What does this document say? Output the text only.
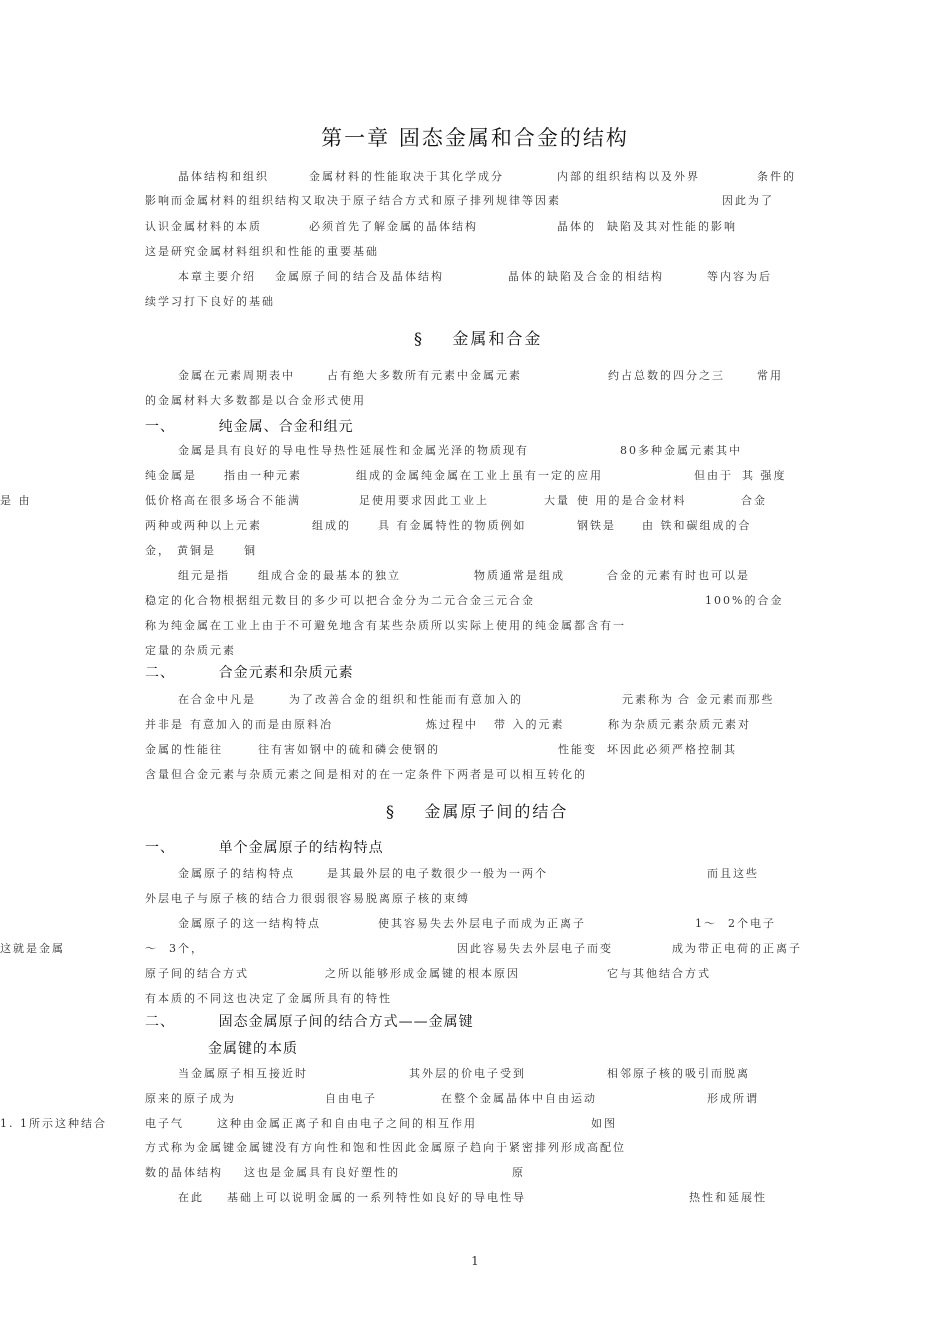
第一章 固态金属和合金的结构
§    金属和合金
§    金属原子间的结合
一、        纯金属、合金和组元
二、        合金元素和杂质元素
一、        单个金属原子的结构特点
二、        固态金属原子间的结合方式——金属键
金属键的本质
晶体结构和组织	金属材料的性能取决于其化学成分	内部的组织结构以及外界	条件的
影响而金属材料的组织结构又取决于原子结合方式和原子排列规律等因素	因此为了
认识金属材料的本质	必须首先了解金属的晶体结构	晶体的 缺陷及其对性能的影响
这是研究金属材料组织和性能的重要基础
本章主要介绍 金属原子间的结合及晶体结构	晶体的缺陷及合金的相结构	等内容为后
续学习打下良好的基础
金属在元素周期表中	占有绝大多数所有元素中金属元素	约占总数的四分之三	常用
的金属材料大多数都是以合金形式使用
金属是具有良好的导电性导热性延展性和金属光泽的物质现有	80多种金属元素其中
纯金属是 指由一种元素	组成的金属纯金属在工业上虽有一定的应用	但由于 其 强度
低价格高在很多场合不能满	足使用要求因此工业上	大量 使 用的是合金材料	合金
是 由
两种或两种以上元素	组成的 具 有金属特性的物质例如	钢铁是 由 铁和碳组成的合
金， 黄铜是	铜
组元是指	组成合金的最基本的独立	物质通常是组成	合金的元素有时也可以是
稳定的化合物根据组元数目的多少可以把合金分为二元合金三元合金	100%的合金
称为纯金属在工业上由于不可避免地含有某些杂质所以实际上使用的纯金属都含有一
定量的杂质元素
在合金中凡是	为了改善合金的组织和性能而有意加入的	元素称为 合 金元素而那些
并非是 有意加入的而是由原料冶	炼过程中 带 入的元素	称为杂质元素杂质元素对
金属的性能往	往有害如钢中的硫和磷会使钢的	性能变 坏因此必须严格控制其
含量但合金元素与杂质元素之间是相对的在一定条件下两者是可以相互转化的
金属原子的结构特点	是其最外层的电子数很少一般为一两个	而且这些
外层电子与原子核的结合力很弱很容易脱离原子核的束缚
金属原子的这一结构特点	使其容易失去外层电子而成为正离子	1～  2个电子
～  3个，	因此容易失去外层电子而变	成为带正电荷的正离子
这就是金属
原子间的结合方式	之所以能够形成金属键的根本原因	它与其他结合方式
有本质的不同这也决定了金属所具有的特性
当金属原子相互接近时	其外层的价电子受到	相邻原子核的吸引而脱离
原来的原子成为	自由电子	在整个金属晶体中自由运动	形成所谓
电子气	这种由金属正离子和自由电子之间的相互作用	如图
1. 1所示这种结合
方式称为金属键金属键没有方向性和饱和性因此金属原子趋向于紧密排列形成高配位
数的晶体结构 这也是金属具有良好塑性的	原
在此 基础上可以说明金属的一系列特性如良好的导电性导	热性和延展性
1
